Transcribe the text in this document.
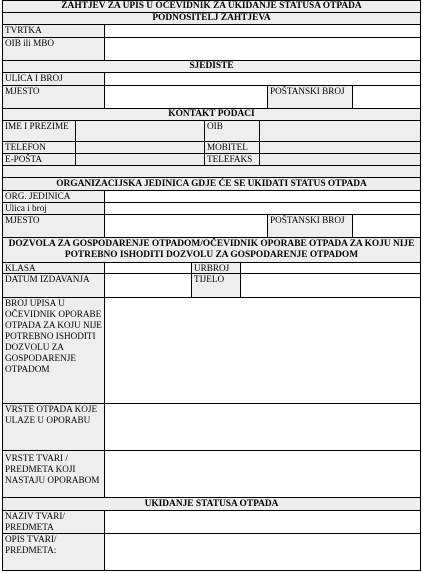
ZAHTJEV ZA UPIS U OČEVIDNIK ZA UKIDANJE STATUSA OTPADA
PODNOSITELJ ZAHTJEVA
TVRTKA
OIB ili MBO
SJEDIŠTE
ULICA I BROJ
MJESTO	POŠTANSKI BROJ
KONTAKT PODACI
IME I PREZIME	OIB
TELEFON	MOBITEL
E-POŠTA	TELEFAKS
ORGANIZACIJSKA JEDINICA GDJE ĆE SE UKIDATI STATUS OTPADA
ORG. JEDINICA
Ulica i broj
MJESTO	POŠTANSKI BROJ
DOZVOLA ZA GOSPODARENJE OTPADOM/OČEVIDNIK OPORABE OTPADA ZA KOJU NIJE POTREBNO ISHODITI DOZVOLU ZA GOSPODARENJE OTPADOM
KLASA	URBROJ
DATUM IZDAVANJA	TIJELO
BROJ UPISA U OČEVIDNIK OPORABE OTPADA ZA KOJU NIJE POTREBNO ISHODITI DOZVOLU ZA GOSPODARENJE OTPADOM
VRSTE OTPADA KOJE ULAZE U OPORABU
VRSTE TVARI / PREDMETA KOJI NASTAJU OPORABOM
UKIDANJE STATUSA OTPADA
NAZIV TVARI/ PREDMETA
OPIS TVARI/ PREDMETA:
